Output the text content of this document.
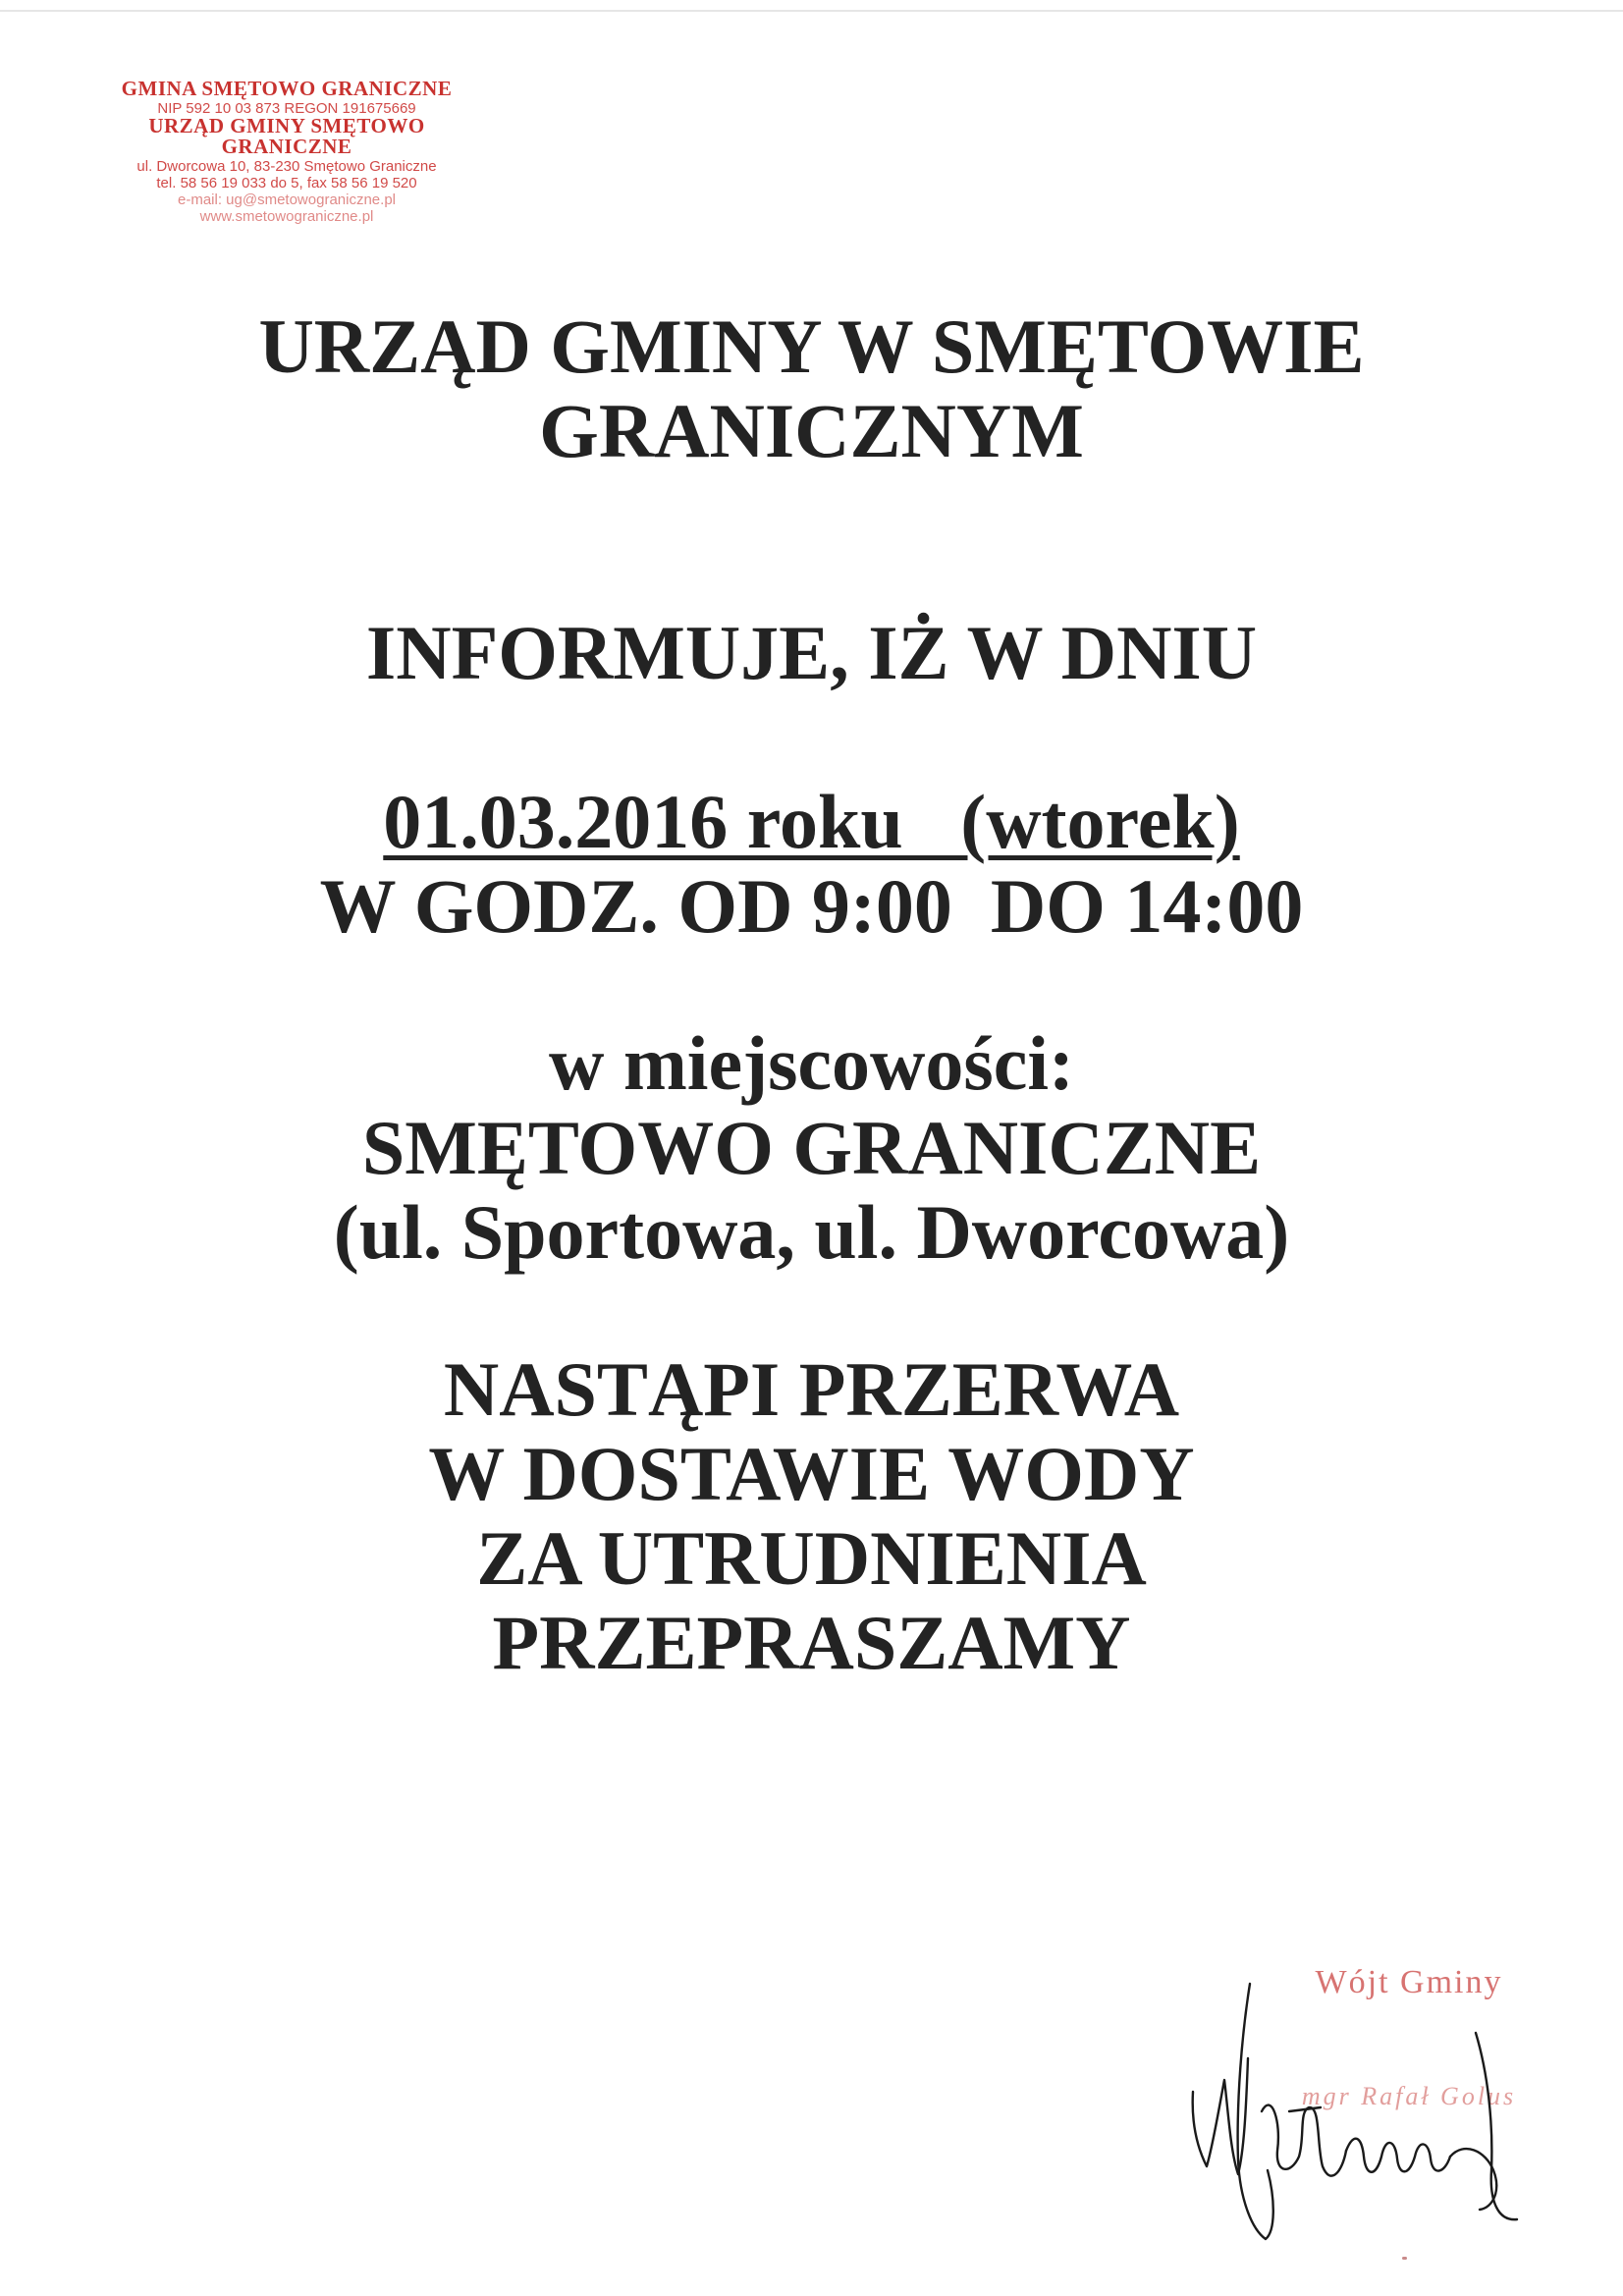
GMINA SMĘTOWO GRANICZNE
NIP 592 10 03 873 REGON 191675669
URZĄD GMINY SMĘTOWO GRANICZNE
ul. Dworcowa 10, 83-230 Smętowo Graniczne
tel. 58 56 19 033 do 5, fax 58 56 19 520
e-mail: ug@smetowograniczne.pl
www.smetowograniczne.pl

URZĄD GMINY W SMĘTOWIE

GRANICZNYM

INFORMUJE, IŻ W DNIU

01.03.2016 roku   (wtorek)

W GODZ. OD 9:00  DO 14:00

w miejscowości:

SMĘTOWO GRANICZNE

(ul. Sportowa, ul. Dworcowa)

NASTĄPI PRZERWA

W DOSTAWIE WODY

ZA UTRUDNIENIA

PRZEPRASZAMY

Wójt Gminy
mgr Rafał Golus
